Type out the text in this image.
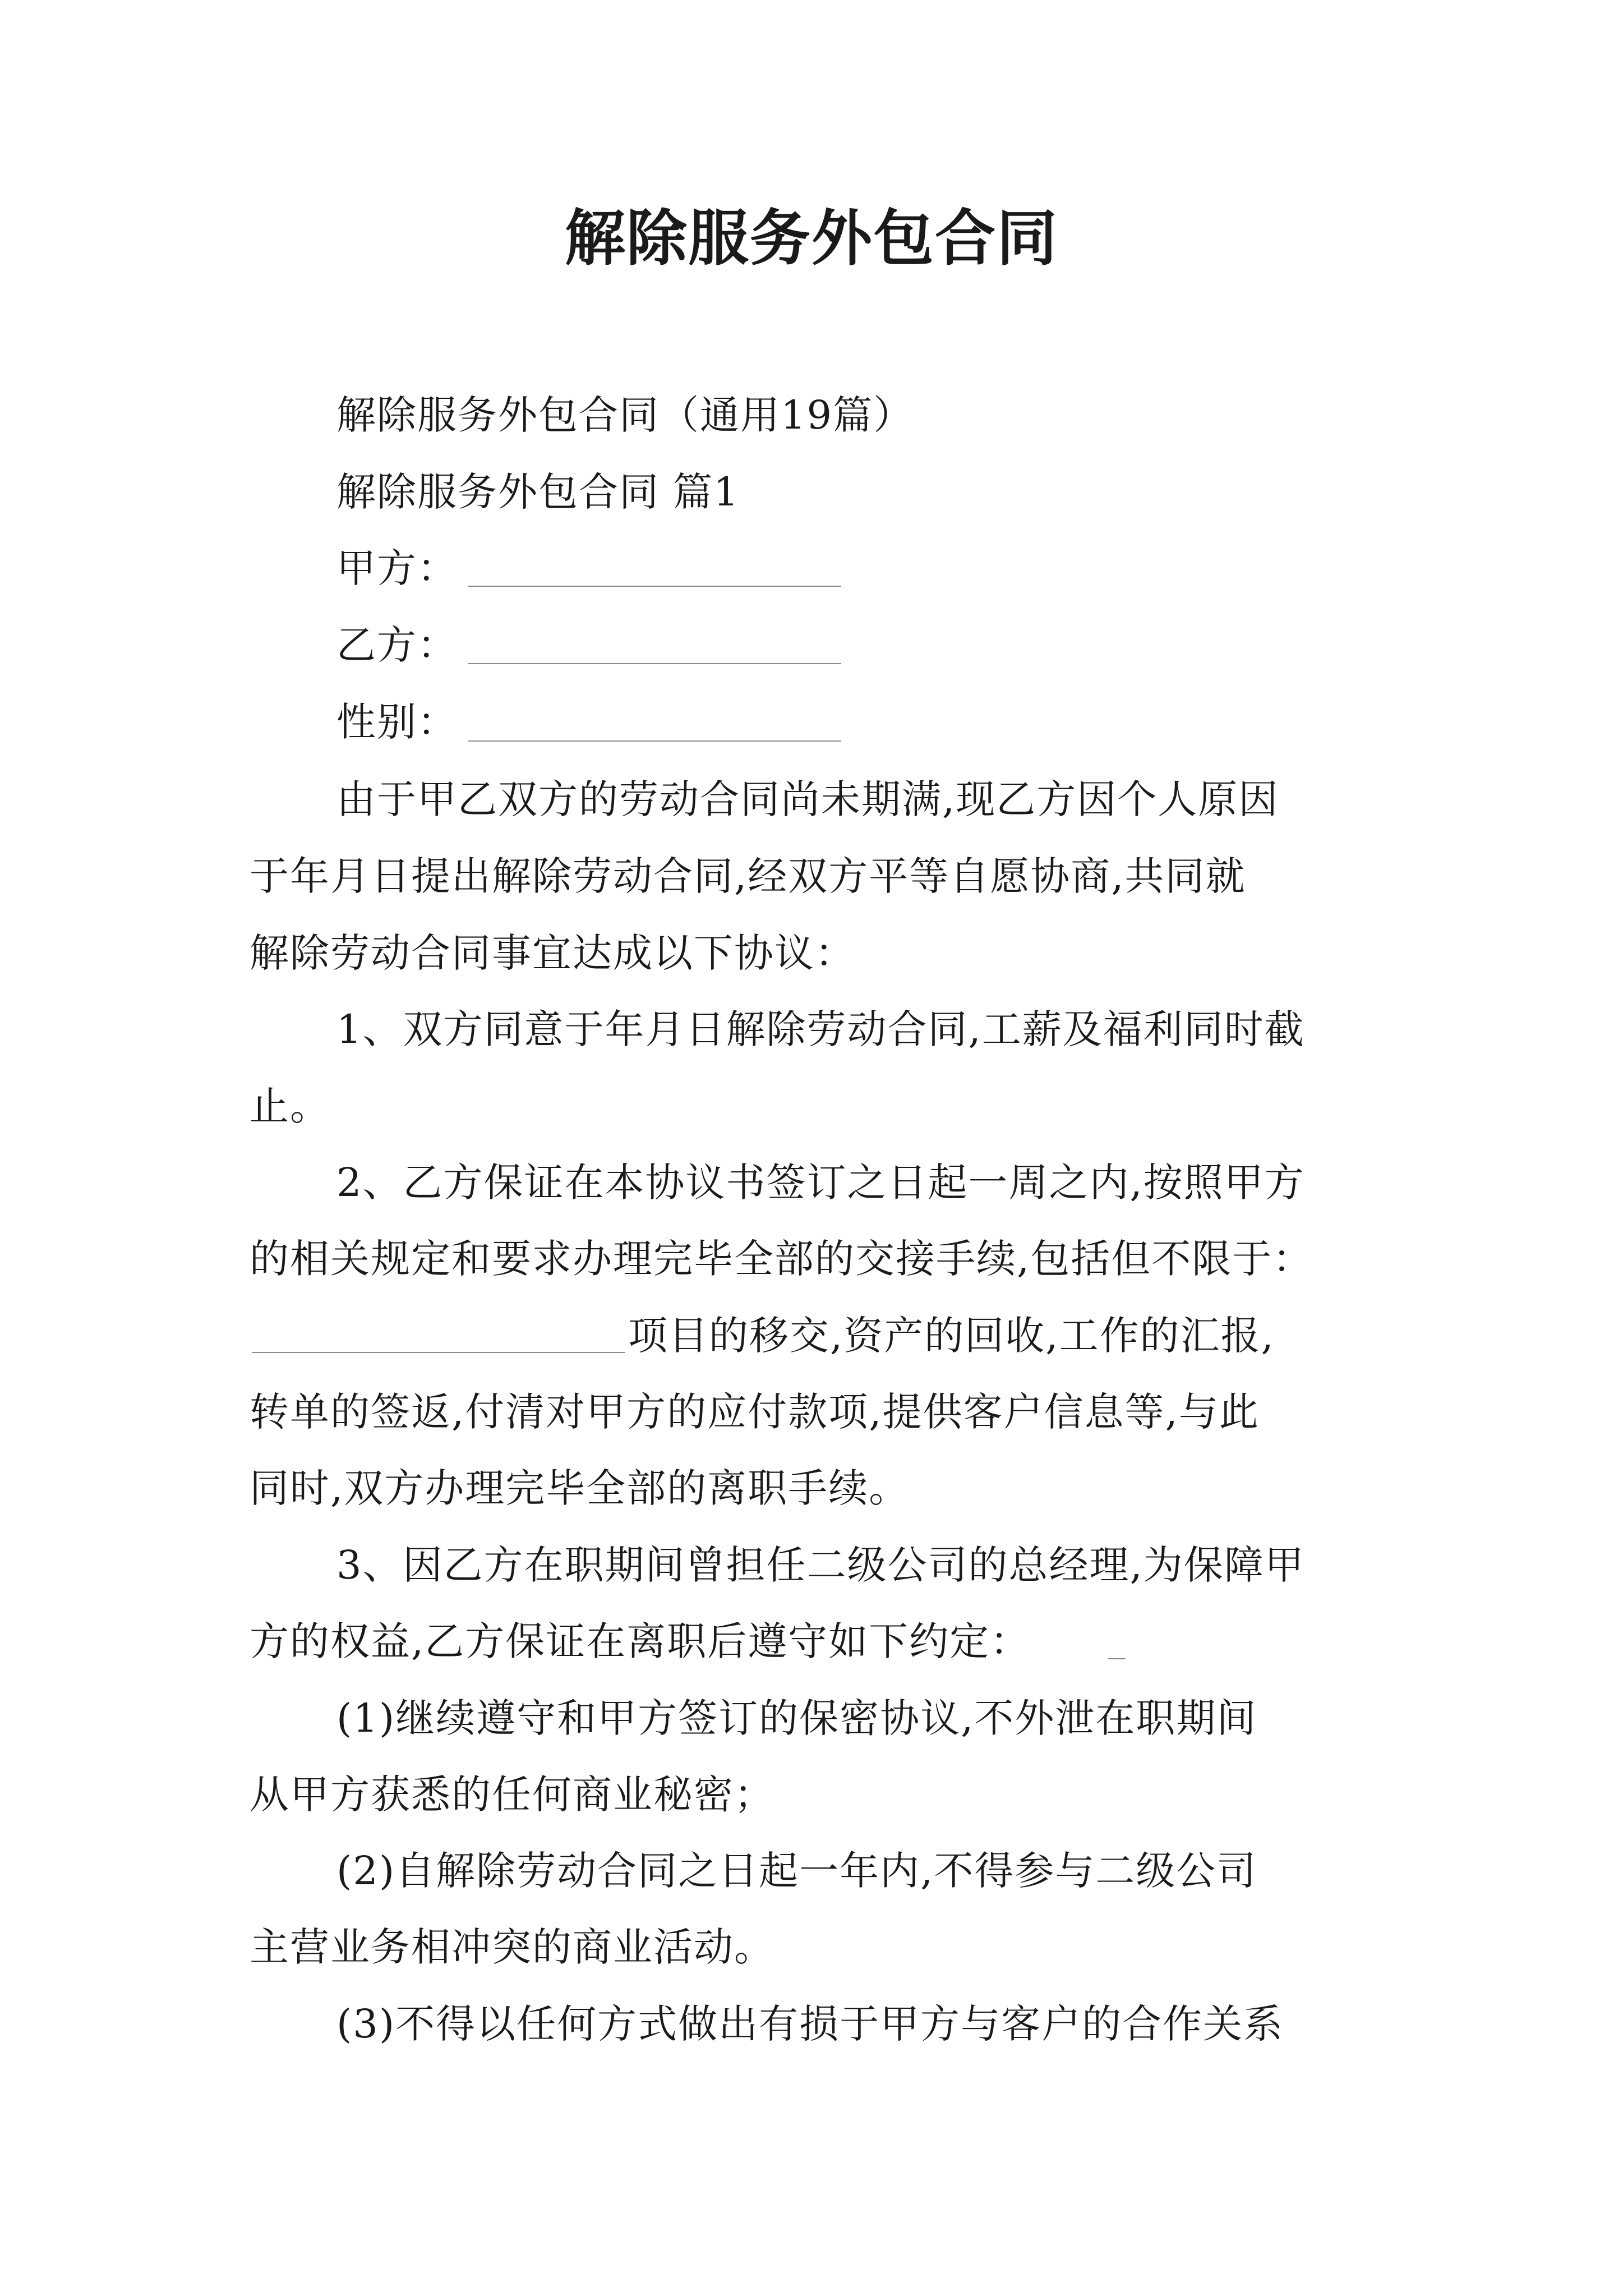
解除服务外包合同
解除服务外包合同（通用19篇）
解除服务外包合同 篇1
甲方：
乙方：
性别：
由于甲乙双方的劳动合同尚未期满,现乙方因个人原因
于年月日提出解除劳动合同,经双方平等自愿协商,共同就
解除劳动合同事宜达成以下协议：
1、双方同意于年月日解除劳动合同,工薪及福利同时截
止。
2、乙方保证在本协议书签订之日起一周之内,按照甲方
的相关规定和要求办理完毕全部的交接手续,包括但不限于：
项目的移交,资产的回收,工作的汇报,
转单的签返,付清对甲方的应付款项,提供客户信息等,与此
同时,双方办理完毕全部的离职手续。
3、因乙方在职期间曾担任二级公司的总经理,为保障甲
方的权益,乙方保证在离职后遵守如下约定：
(1)继续遵守和甲方签订的保密协议,不外泄在职期间
从甲方获悉的任何商业秘密；
(2)自解除劳动合同之日起一年内,不得参与二级公司
主营业务相冲突的商业活动。
(3)不得以任何方式做出有损于甲方与客户的合作关系
